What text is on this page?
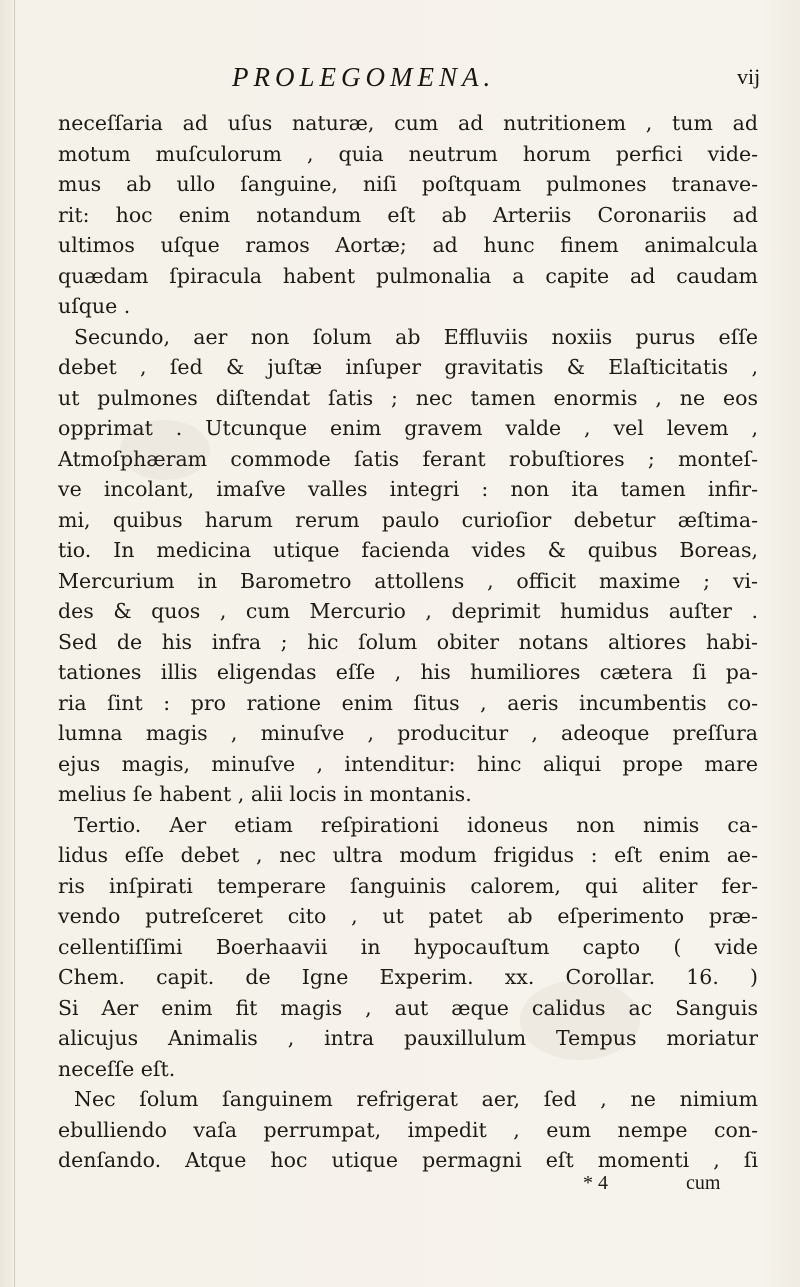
PROLEGOMENA.	vij
neceſſaria ad uſus naturæ, cum ad nutritionem , tum ad
motum muſculorum , quia neutrum horum perfici vide-
mus ab ullo ſanguine, niſi poſtquam pulmones tranave-
rit: hoc enim notandum eſt ab Arteriis Coronariis ad
ultimos uſque ramos Aortæ; ad hunc finem animalcula
quædam ſpiracula habent pulmonalia a capite ad caudam
uſque .
Secundo, aer non ſolum ab Effluviis noxiis purus eſſe
debet , ſed & juſtæ inſuper gravitatis & Elaſticitatis ,
ut pulmones diſtendat ſatis ; nec tamen enormis , ne eos
opprimat . Utcunque enim gravem valde , vel levem ,
Atmoſphæram commode ſatis ferant robuſtiores ; monteſ-
ve incolant, imaſve valles integri : non ita tamen infir-
mi, quibus harum rerum paulo curioſior debetur æſtima-
tio. In medicina utique facienda vides & quibus Boreas,
Mercurium in Barometro attollens , officit maxime ; vi-
des & quos , cum Mercurio , deprimit humidus auſter .
Sed de his infra ; hic ſolum obiter notans altiores habi-
tationes illis eligendas eſſe , his humiliores cætera ſi pa-
ria ſint : pro ratione enim ſitus , aeris incumbentis co-
lumna magis , minuſve , producitur , adeoque preſſura
ejus magis, minuſve , intenditur: hinc aliqui prope mare
melius ſe habent , alii locis in montanis.
Tertio. Aer etiam reſpirationi idoneus non nimis ca-
lidus eſſe debet , nec ultra modum frigidus : eſt enim ae-
ris inſpirati temperare ſanguinis calorem, qui aliter fer-
vendo putreſceret cito , ut patet ab eſperimento præ-
cellentiſſimi Boerhaavii in hypocauſtum capto ( vide
Chem. capit. de Igne Experim. xx. Corollar. 16. )
Si Aer enim fit magis , aut æque calidus ac Sanguis
alicujus Animalis , intra pauxillulum Tempus moriatur
neceſſe eſt.
Nec ſolum ſanguinem refrigerat aer, ſed , ne nimium
ebulliendo vaſa perrumpat, impedit , eum nempe con-
denſando. Atque hoc utique permagni eſt momenti , ſi
* 4	cum
